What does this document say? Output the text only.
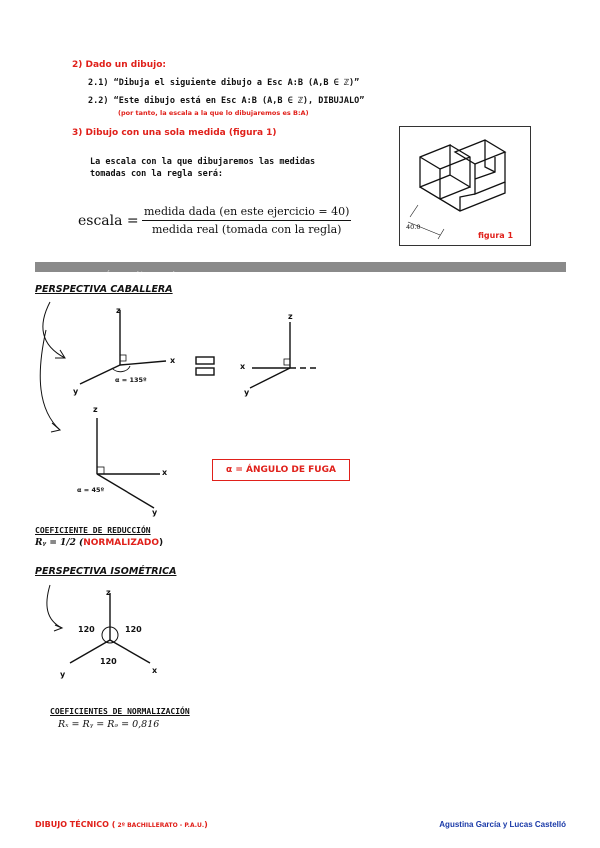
2) Dado un dibujo:
2.1) “Dibuja el siguiente dibujo a Esc A:B (A,B ∈ ℤ)”
2.2) “Este dibujo está en Esc A:B (A,B ∈ ℤ), DIBUJALO”
(por tanto, la escala a la que lo dibujaremos es B:A)
3) Dibujo con una sola medida (figura 1)
La escala con la que dibujaremos las medidas
tomadas con la regla será:
escala =
medida dada (en este ejercicio = 40)
medida real (tomada con la regla)	40.0
figura 1
SISTEMA AXONOMÉTRICO (★ = 1 - 14)
PERSPECTIVA CABALLERA
z
x
y
α = 135º
z
x
y
z
x
y
α = 45º
α = ÁNGULO DE FUGA
COEFICIENTE DE REDUCCIÓN
Rᵧ = 1/2 (NORMALIZADO)
PERSPECTIVA ISOMÉTRICA
z
x
y
120	120
120
COEFICIENTES DE NORMALIZACIÓN
Rₓ = Rᵧ = Rₔ = 0,816
DIBUJO TÉCNICO ( 2º BACHILLERATO - P.A.U.)	Agustina García y Lucas Castelló
